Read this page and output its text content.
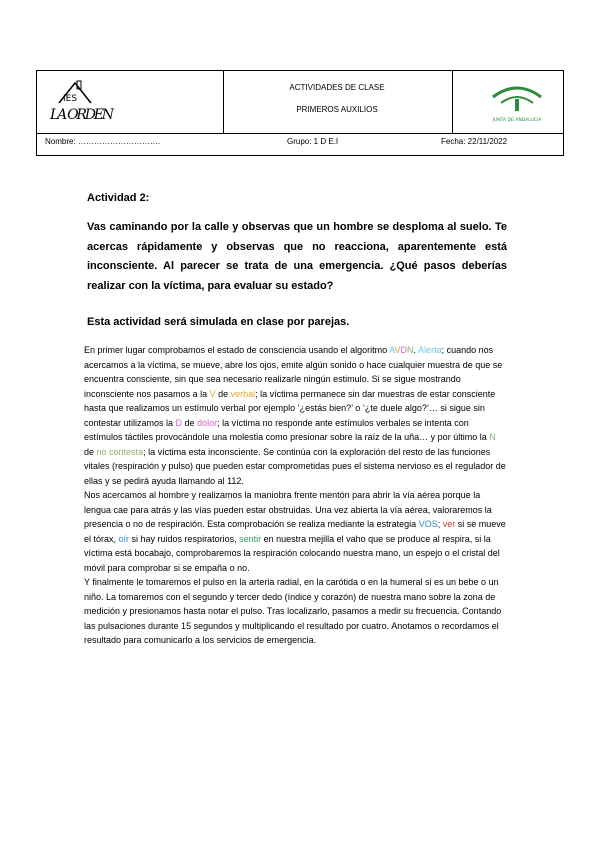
IES
LA ORDEN
ACTIVIDADES DE CLASE
PRIMEROS AUXILIOS
JUNTA DE ANDALUCIA
Nombre: ………………………….	Grupo: 1 D E.I	Fecha: 22/11/2022
Actividad 2:
Vas caminando por la calle y observas que un hombre se desploma al suelo. Te acercas rápidamente y observas que no reacciona, aparentemente está inconsciente. Al parecer se trata de una emergencia. ¿Qué pasos deberías realizar con la víctima, para evaluar su estado?
Esta actividad será simulada en clase por parejas.
En primer lugar comprobamos el estado de consciencia usando el algoritmo AVDN. Alerta; cuando nos acercamos a la víctima, se mueve, abre los ojos, emite algún sonido o hace cualquier muestra de que se encuentra consciente, sin que sea necesario realizarle ningún estimulo. Si se sigue mostrando inconsciente nos pasamos a la V de verbal; la víctima permanece sin dar muestras de estar consciente hasta que realizamos un estímulo verbal por ejemplo ‘¿estás bien?’ o ‘¿te duele algo?’… si sigue sin contestar utilizamos la D de dolor; la víctima no responde ante estímulos verbales se intenta con estímulos táctiles provocándole una molestia como presionar sobre la raíz de la uña… y por último la N de no contesta; la víctima esta inconsciente. Se continúa con la exploración del resto de las funciones vitales (respiración y pulso) que pueden estar comprometidas pues el sistema nervioso es el regulador de ellas y se pedirá ayuda llamando al 112.
Nos acercamos al hombre y realizamos la maniobra frente mentón para abrir la vía aérea porque la lengua cae para atrás y las vías pueden estar obstruidas. Una vez abierta la vía aérea, valoraremos la presencia o no de respiración. Esta comprobación se realiza mediante la estrategia VOS; ver si se mueve el tórax, oír si hay ruidos respiratorios, sentir en nuestra mejilla el vaho que se produce al respira, si la víctima está bocabajo, comprobaremos la respiración colocando nuestra mano, un espejo o el cristal del móvil para comprobar si se empaña o no.
Y finalmente le tomaremos el pulso en la arteria radial, en la carótida o en la humeral si es un bebe o un niño. La tomaremos con el segundo y tercer dedo (índice y corazón) de nuestra mano sobre la zona de medición y presionamos hasta notar el pulso. Tras localizarlo, pasamos a medir su frecuencia. Contando las pulsaciones durante 15 segundos y multiplicando el resultado por cuatro. Anotamos o recordamos el resultado para comunicarlo a los servicios de emergencia.
